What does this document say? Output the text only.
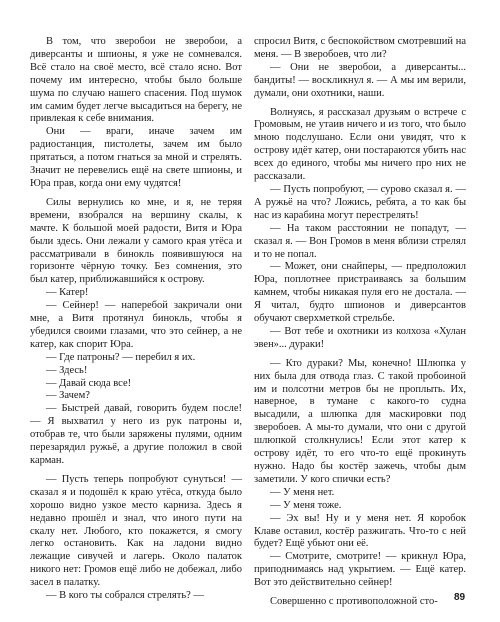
В том, что зверобои не зверобои, а диверсанты и шпионы, я уже не сомневался. Всё стало на своё место, всё стало ясно. Вот почему им интересно, чтобы было больше шума по случаю нашего спасения. Под шумок им самим будет легче высадиться на берегу, не привлекая к себе внимания.

Они — враги, иначе зачем им радиостанция, пистолеты, зачем им было прятаться, а потом гнаться за мной и стрелять. Значит не перевелись ещё на свете шпионы, и Юра прав, когда они ему чудятся!

Силы вернулись ко мне, и я, не теряя времени, взобрался на вершину скалы, к мачте. К большой моей радости, Витя и Юра были здесь. Они лежали у самого края утёса и рассматривали в бинокль появившуюся на горизонте чёрную точку. Без сомнения, это был катер, приближавшийся к острову.

— Катер!

— Сейнер! — наперебой закричали они мне, а Витя протянул бинокль, чтобы я убедился своими глазами, что это сейнер, а не катер, как спорит Юра.

— Где патроны? — перебил я их.

— Здесь!

— Давай сюда все!

— Зачем?

— Быстрей давай, говорить будем после! — Я выхватил у него из рук патроны и, отобрав те, что были заряжены пулями, одним перезарядил ружьё, а другие положил в свой карман.

— Пусть теперь попробуют сунуться! — сказал я и подошёл к краю утёса, откуда было хорошо видно узкое место карниза. Здесь я недавно прошёл и знал, что иного пути на скалу нет. Любого, кто покажется, я смогу легко остановить. Как на ладони видно лежащие сивучей и лагерь. Около палаток никого нет: Громов ещё либо не добежал, либо засел в палатку.

— В кого ты собрался стрелять? —

спросил Витя, с беспокойством смотревший на меня. — В зверобоев, что ли?

— Они не зверобои, а диверсанты... бандиты! — воскликнул я. — А мы им верили, думали, они охотники, наши.

Волнуясь, я рассказал друзьям о встрече с Громовым, не утаив ничего и из того, что было мною подслушано. Если они увидят, что к острову идёт катер, они постараются убить нас всех до единого, чтобы мы ничего про них не рассказали.

— Пусть попробуют, — сурово сказал я. — А ружьё на что? Ложись, ребята, а то как бы нас из карабина могут перестрелять!

— На таком расстоянии не попадут, — сказал я. — Вон Громов в меня вблизи стрелял и то не попал.

— Может, они снайперы, — предположил Юра, поплотнее пристраиваясь за большим камнем, чтобы никакая пуля его не достала. — Я читал, будто шпионов и диверсантов обучают сверхметкой стрельбе.

— Вот тебе и охотники из колхоза «Хулан эвен»... дураки!

— Кто дураки? Мы, конечно! Шлюпка у них была для отвода глаз. С такой пробоиной им и полсотни метров бы не проплыть. Их, наверное, в тумане с какого-то судна высадили, а шлюпка для маскировки под зверобоев. А мы-то думали, что они с другой шлюпкой столкнулись! Если этот катер к острову идёт, то его что-то ещё прокинуть нужно. Надо бы костёр зажечь, чтобы дым заметили. У кого спички есть?

— У меня нет.

— У меня тоже.

— Эх вы! Ну и у меня нет. Я коробок Клаве оставил, костёр разжигать. Что-то с ней будет? Ещё убьют они её.

— Смотрите, смотрите! — крикнул Юра, приподнимаясь над укрытием. — Ещё катер. Вот это действительно сейнер!

Совершенно с противоположной сто-	89
